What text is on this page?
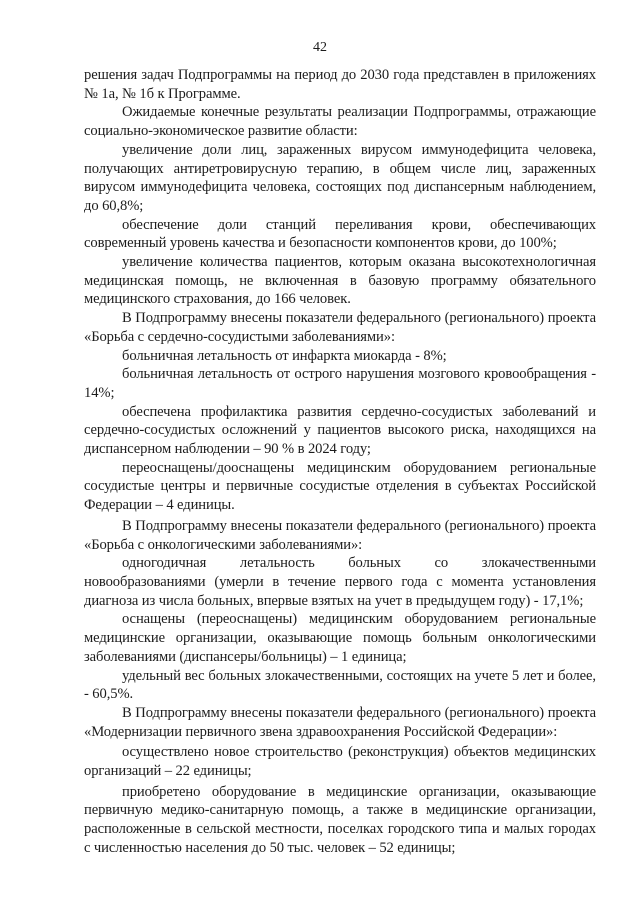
42

решения задач Подпрограммы на период до 2030 года представлен в приложениях № 1а, № 1б к Программе.

Ожидаемые конечные результаты реализации Подпрограммы, отражающие социально-экономическое развитие области:

увеличение доли лиц, зараженных вирусом иммунодефицита человека, получающих антиретровирусную терапию, в общем числе лиц, зараженных вирусом иммунодефицита человека, состоящих под диспансерным наблюдением, до 60,8%;

обеспечение доли станций переливания крови, обеспечивающих современный уровень качества и безопасности компонентов крови, до 100%;

увеличение количества пациентов, которым оказана высокотехнологичная медицинская помощь, не включенная в базовую программу обязательного медицинского страхования, до 166 человек.

В Подпрограмму внесены показатели федерального (регионального) проекта «Борьба с сердечно-сосудистыми заболеваниями»:

больничная летальность от инфаркта миокарда - 8%;

больничная летальность от острого нарушения мозгового кровообращения - 14%;

обеспечена профилактика развития сердечно-сосудистых заболеваний и сердечно-сосудистых осложнений у пациентов высокого риска, находящихся на диспансерном наблюдении – 90 % в 2024 году;

переоснащены/дооснащены медицинским оборудованием региональные сосудистые центры и первичные сосудистые отделения в субъектах Российской Федерации – 4 единицы.

В Подпрограмму внесены показатели федерального (регионального) проекта «Борьба с онкологическими заболеваниями»:

одногодичная летальность больных со злокачественными новообразованиями (умерли в течение первого года с момента установления диагноза из числа больных, впервые взятых на учет в предыдущем году) - 17,1%;

оснащены (переоснащены) медицинским оборудованием региональные медицинские организации, оказывающие помощь больным онкологическими заболеваниями (диспансеры/больницы) – 1 единица;

удельный вес больных злокачественными, состоящих на учете 5 лет и более, - 60,5%.

В Подпрограмму внесены показатели федерального (регионального) проекта «Модернизации первичного звена здравоохранения Российской Федерации»:

осуществлено новое строительство (реконструкция) объектов медицинских организаций – 22 единицы;

приобретено оборудование в медицинские организации, оказывающие первичную медико-санитарную помощь, а также в медицинские организации, расположенные в сельской местности, поселках городского типа и малых городах с численностью населения до 50 тыс. человек – 52 единицы;
